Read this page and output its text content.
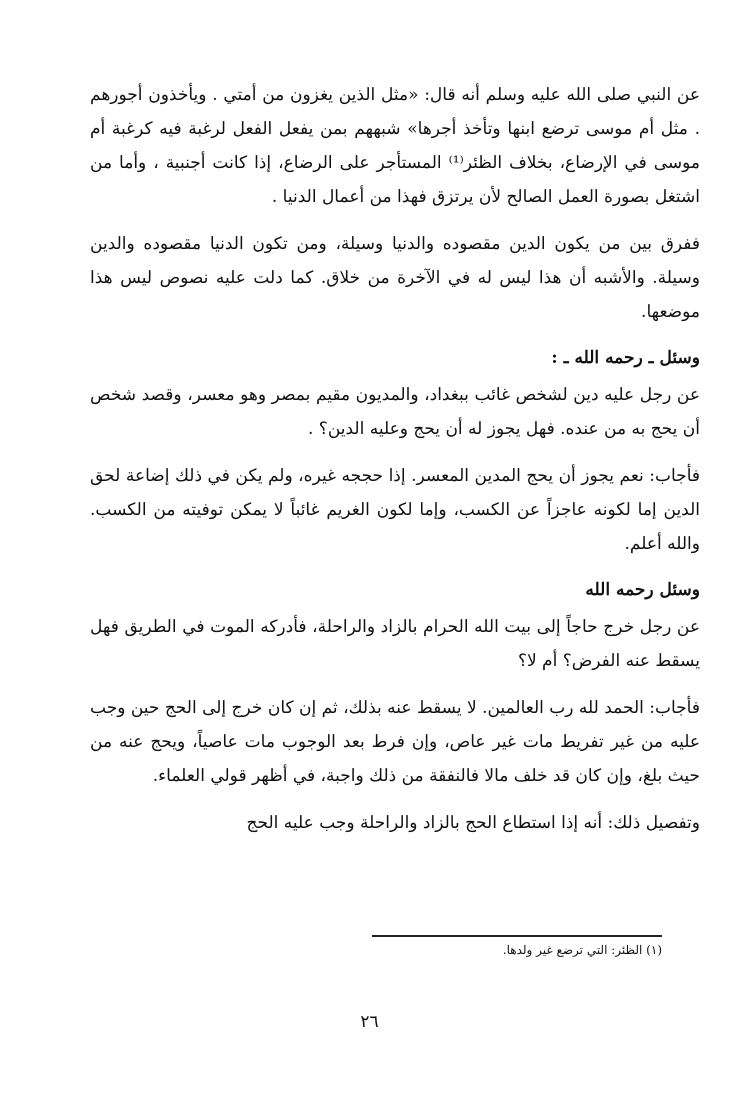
عن النبي صلى الله عليه وسلم أنه قال: «مثل الذين يغزون من أمتي . ويأخذون أجورهم . مثل أم موسى ترضع ابنها وتأخذ أجرها» شبههم بمن يفعل الفعل لرغبة فيه كرغبة أم موسى في الإرضاع، بخلاف الظئر⁽¹⁾ المستأجر على الرضاع، إذا كانت أجنبية ، وأما من اشتغل بصورة العمل الصالح لأن يرتزق فهذا من أعمال الدنيا .

ففرق بين من يكون الدين مقصوده والدنيا وسيلة، ومن تكون الدنيا مقصوده والدين وسيلة. والأشبه أن هذا ليس له في الآخرة من خلاق. كما دلت عليه نصوص ليس هذا موضعها.

وسئل ـ رحمه الله ـ :

عن رجل عليه دين لشخص غائب ببغداد، والمديون مقيم بمصر وهو معسر، وقصد شخص أن يحج به من عنده. فهل يجوز له أن يحج وعليه الدين؟ .

فأجاب: نعم يجوز أن يحج المدين المعسر. إذا حججه غيره، ولم يكن في ذلك إضاعة لحق الدين إما لكونه عاجزاً عن الكسب، وإما لكون الغريم غائباً لا يمكن توفيته من الكسب. والله أعلم.

وسئل رحمه الله

عن رجل خرج حاجاً إلى بيت الله الحرام بالزاد والراحلة، فأدركه الموت في الطريق فهل يسقط عنه الفرض؟ أم لا؟

فأجاب: الحمد لله رب العالمين. لا يسقط عنه بذلك، ثم إن كان خرج إلى الحج حين وجب عليه من غير تفريط مات غير عاص، وإن فرط بعد الوجوب مات عاصياً، ويحج عنه من حيث بلغ، وإن كان قد خلف مالا فالنفقة من ذلك واجبة، في أظهر قولي العلماء.

وتفصيل ذلك: أنه إذا استطاع الحج بالزاد والراحلة وجب عليه الحج

(١) الظئر: التي ترضع غير ولدها.
٢٦
